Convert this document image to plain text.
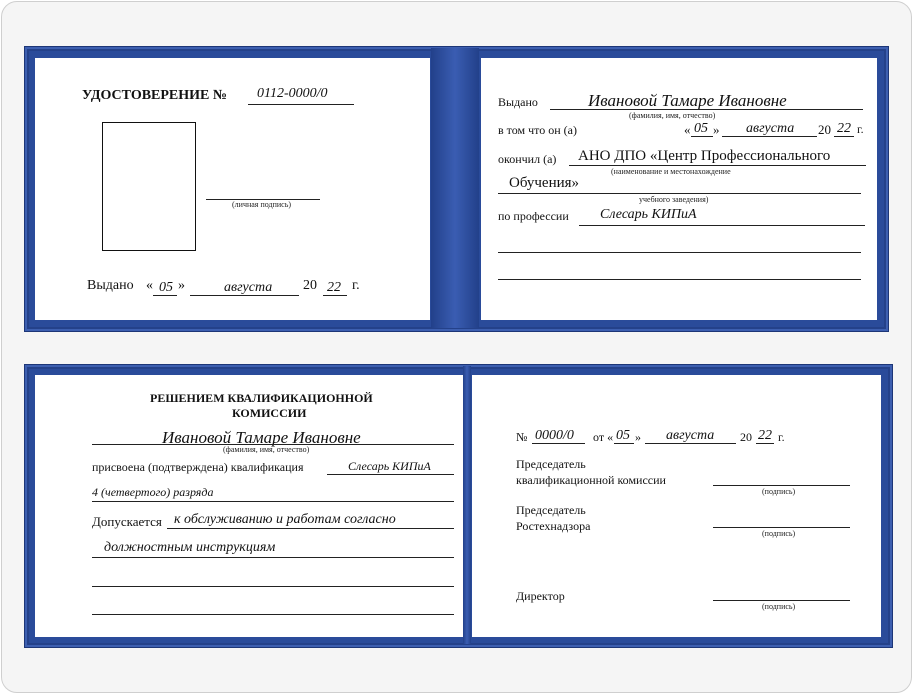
УДОСТОВЕРЕНИЕ № 0112-0000/0
(личная подпись)
Выдано « 05 »	августа 20 22 г.
Выдано	Ивановой Тамаре Ивановне
(фамилия, имя, отчество)
в том что он (а)	« 05 » августа 20 22 г.
окончил (а) АНО ДПО «Центр Профессионального
(наименование и местонахождение
Обучения»
учебного заведения)
по профессии Слесарь КИПиА
РЕШЕНИЕМ КВАЛИФИКАЦИОННОЙ
КОМИССИИ
Ивановой Тамаре Ивановне
(фамилия, имя, отчество)
присвоена (подтверждена) квалификация	Слесарь КИПиА
4 (четвертого) разряда
Допускается к обслуживанию и работам согласно
должностным инструкциям
№ 0000/0 от « 05 » августа 20 22 г.
Председатель
квалификационной комиссии
(подпись)
Председатель
Ростехнадзора
(подпись)
Директор
(подпись)
